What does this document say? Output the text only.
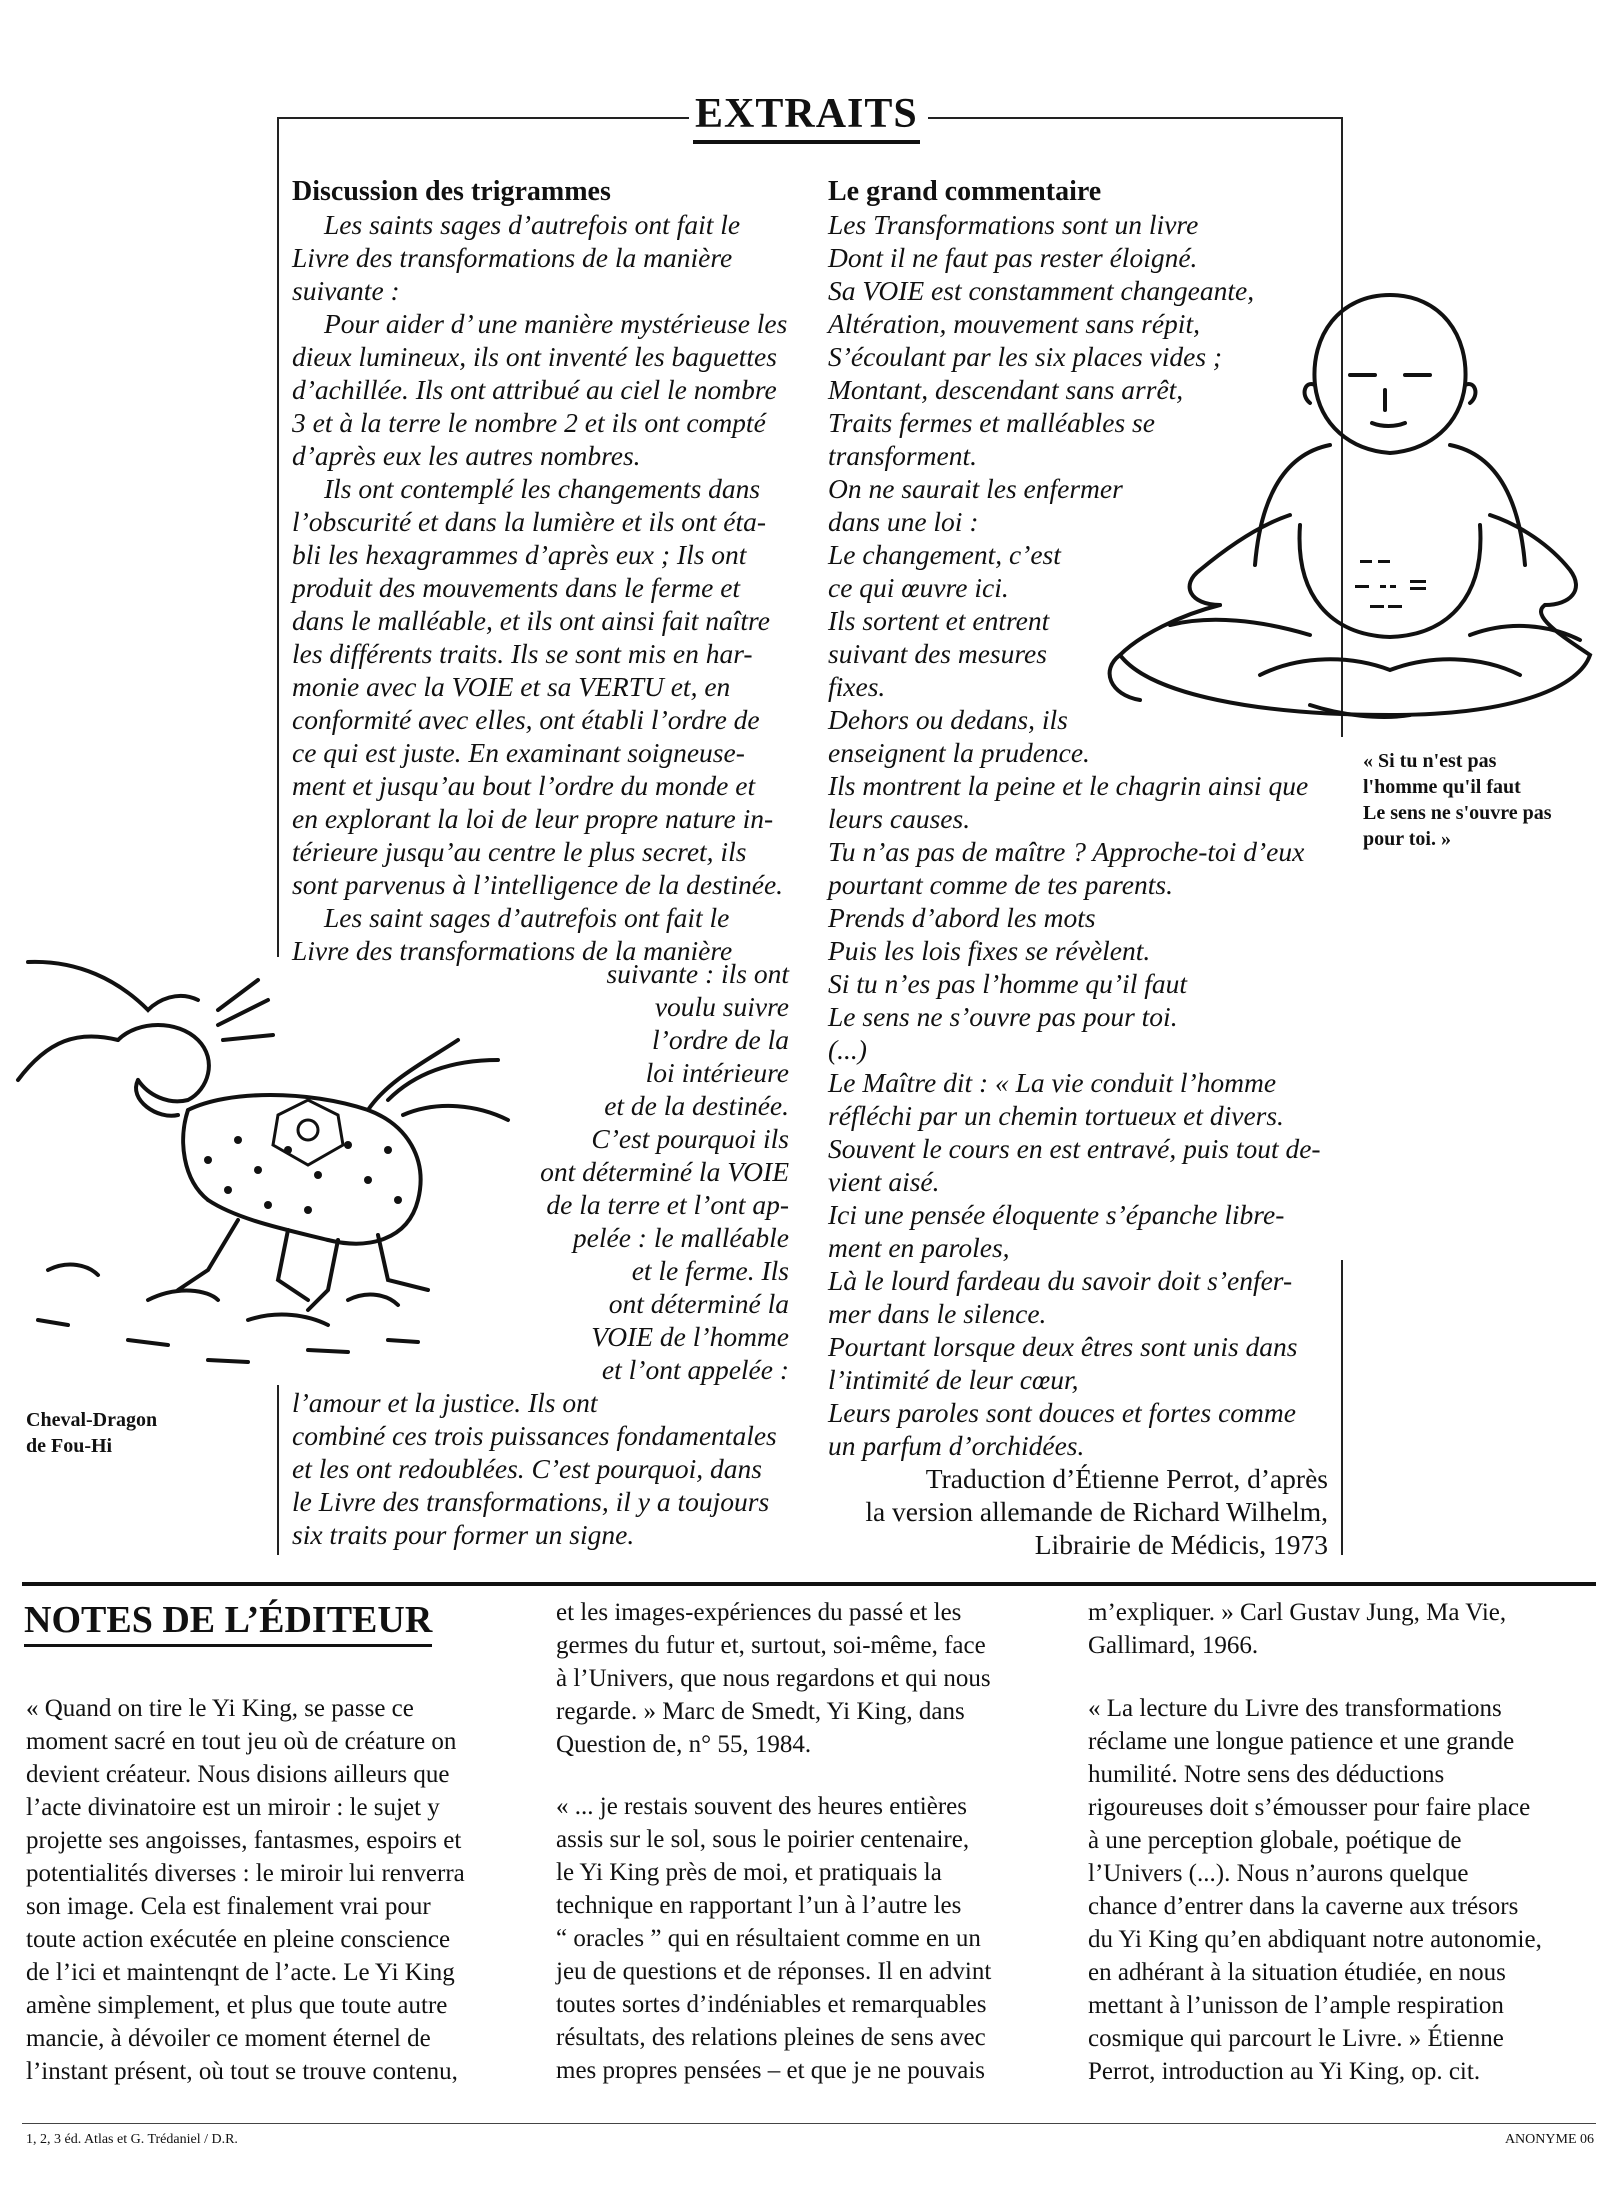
EXTRAITS
Discussion des trigrammes
Les saints sages d’autrefois ont fait le
Livre des transformations de la manière
suivante :
Pour aider d’ une manière mystérieuse les
dieux lumineux, ils ont inventé les baguettes
d’achillée. Ils ont attribué au ciel le nombre
3 et à la terre le nombre 2 et ils ont compté
d’après eux les autres nombres.
Ils ont contemplé les changements dans
l’obscurité et dans la lumière et ils ont éta-
bli les hexagrammes d’après eux ; Ils ont
produit des mouvements dans le ferme et
dans le malléable, et ils ont ainsi fait naître
les différents traits. Ils se sont mis en har-
monie avec la VOIE et sa VERTU et, en
conformité avec elles, ont établi l’ordre de
ce qui est juste. En examinant soigneuse-
ment et jusqu’au bout l’ordre du monde et
en explorant la loi de leur propre nature in-
térieure jusqu’au centre le plus secret, ils
sont parvenus à l’intelligence de la destinée.
Les saint sages d’autrefois ont fait le
Livre des transformations de la manière
suivante : ils ont
voulu suivre
l’ordre de la
loi intérieure
et de la destinée.
C’est pourquoi ils
ont déterminé la VOIE
de la terre et l’ont ap-
pelée : le malléable
et le ferme. Ils
ont déterminé la
VOIE de l’homme
et l’ont appelée :
l’amour et la justice. Ils ont
combiné ces trois puissances fondamentales
et les ont redoublées. C’est pourquoi, dans
le Livre des transformations, il y a toujours
six traits pour former un signe.
Le grand commentaire
Les Transformations sont un livre
Dont il ne faut pas rester éloigné.
Sa VOIE est constamment changeante,
Altération, mouvement sans répit,
S’écoulant par les six places vides ;
Montant, descendant sans arrêt,
Traits fermes et malléables se
transforment.
On ne saurait les enfermer
dans une loi :
Le changement, c’est
ce qui œuvre ici.
Ils sortent et entrent
suivant des mesures
fixes.
Dehors ou dedans, ils
enseignent la prudence.
Ils montrent la peine et le chagrin ainsi que
leurs causes.
Tu n’as pas de maître ? Approche-toi d’eux
pourtant comme de tes parents.
Prends d’abord les mots
Puis les lois fixes se révèlent.
Si tu n’es pas l’homme qu’il faut
Le sens ne s’ouvre pas pour toi.
(...)
Le Maître dit : « La vie conduit l’homme
réfléchi par un chemin tortueux et divers.
Souvent le cours en est entravé, puis tout de-
vient aisé.
Ici une pensée éloquente s’épanche libre-
ment en paroles,
Là le lourd fardeau du savoir doit s’enfer-
mer dans le silence.
Pourtant lorsque deux êtres sont unis dans
l’intimité de leur cœur,
Leurs paroles sont douces et fortes comme
un parfum d’orchidées.
Traduction d’Étienne Perrot, d’après
la version allemande de Richard Wilhelm,
Librairie de Médicis, 1973
Cheval-Dragon
de Fou-Hi
« Si tu n'est pas
l'homme qu'il faut
Le sens ne s'ouvre pas
pour toi. »
NOTES DE L’ÉDITEUR
« Quand on tire le Yi King, se passe ce
moment sacré en tout jeu où de créature on
devient créateur. Nous disions ailleurs que
l’acte divinatoire est un miroir : le sujet y
projette ses angoisses, fantasmes, espoirs et
potentialités diverses : le miroir lui renverra
son image. Cela est finalement vrai pour
toute action exécutée en pleine conscience
de l’ici et maintenqnt de l’acte. Le Yi King
amène simplement, et plus que toute autre
mancie, à dévoiler ce moment éternel de
l’instant présent, où tout se trouve contenu,
et les images-expériences du passé et les
germes du futur et, surtout, soi-même, face
à l’Univers, que nous regardons et qui nous
regarde. » Marc de Smedt, Yi King, dans
Question de, n° 55, 1984.
« ... je restais souvent des heures entières
assis sur le sol, sous le poirier centenaire,
le Yi King près de moi, et pratiquais la
technique en rapportant l’un à l’autre les
“ oracles ” qui en résultaient comme en un
jeu de questions et de réponses. Il en advint
toutes sortes d’indéniables et remarquables
résultats, des relations pleines de sens avec
mes propres pensées – et que je ne pouvais
m’expliquer. » Carl Gustav Jung, Ma Vie,
Gallimard, 1966.
« La lecture du Livre des transformations
réclame une longue patience et une grande
humilité. Notre sens des déductions
rigoureuses doit s’émousser pour faire place
à une perception globale, poétique de
l’Univers (...). Nous n’aurons quelque
chance d’entrer dans la caverne aux trésors
du Yi King qu’en abdiquant notre autonomie,
en adhérant à la situation étudiée, en nous
mettant à l’unisson de l’ample respiration
cosmique qui parcourt le Livre. » Étienne
Perrot, introduction au Yi King, op. cit.
1, 2, 3 éd. Atlas et G. Trédaniel / D.R.	ANONYME 06
